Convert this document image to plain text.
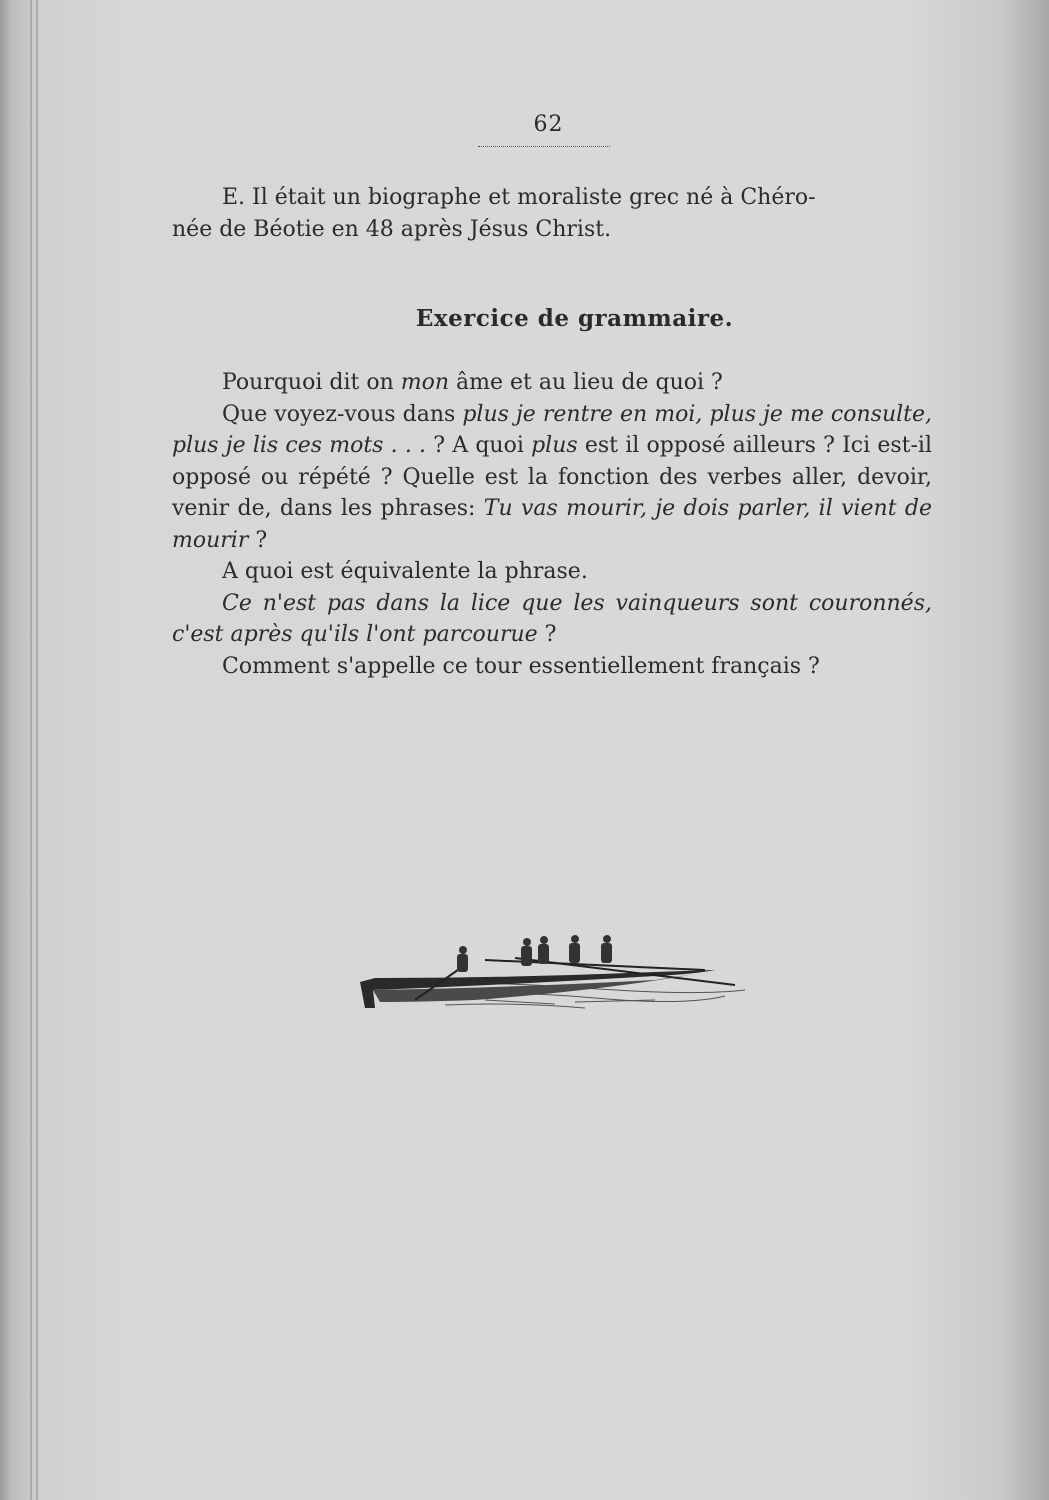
62

E. Il était un biographe et moraliste grec né à Chéro-

née de Béotie en 48 après Jésus Christ.

Exercice de grammaire.

Pourquoi dit on mon âme et au lieu de quoi ?

Que voyez-vous dans plus je rentre en moi, plus je me consulte, plus je lis ces mots . . . ? A quoi plus est il opposé ailleurs ? Ici est-il opposé ou répété ? Quelle est la fonction des verbes aller, devoir, venir de, dans les phrases: Tu vas mourir, je dois parler, il vient de mourir ?

A quoi est équivalente la phrase.

Ce n'est pas dans la lice que les vainqueurs sont couronnés, c'est après qu'ils l'ont parcourue ?

Comment s'appelle ce tour essentiellement français ?
